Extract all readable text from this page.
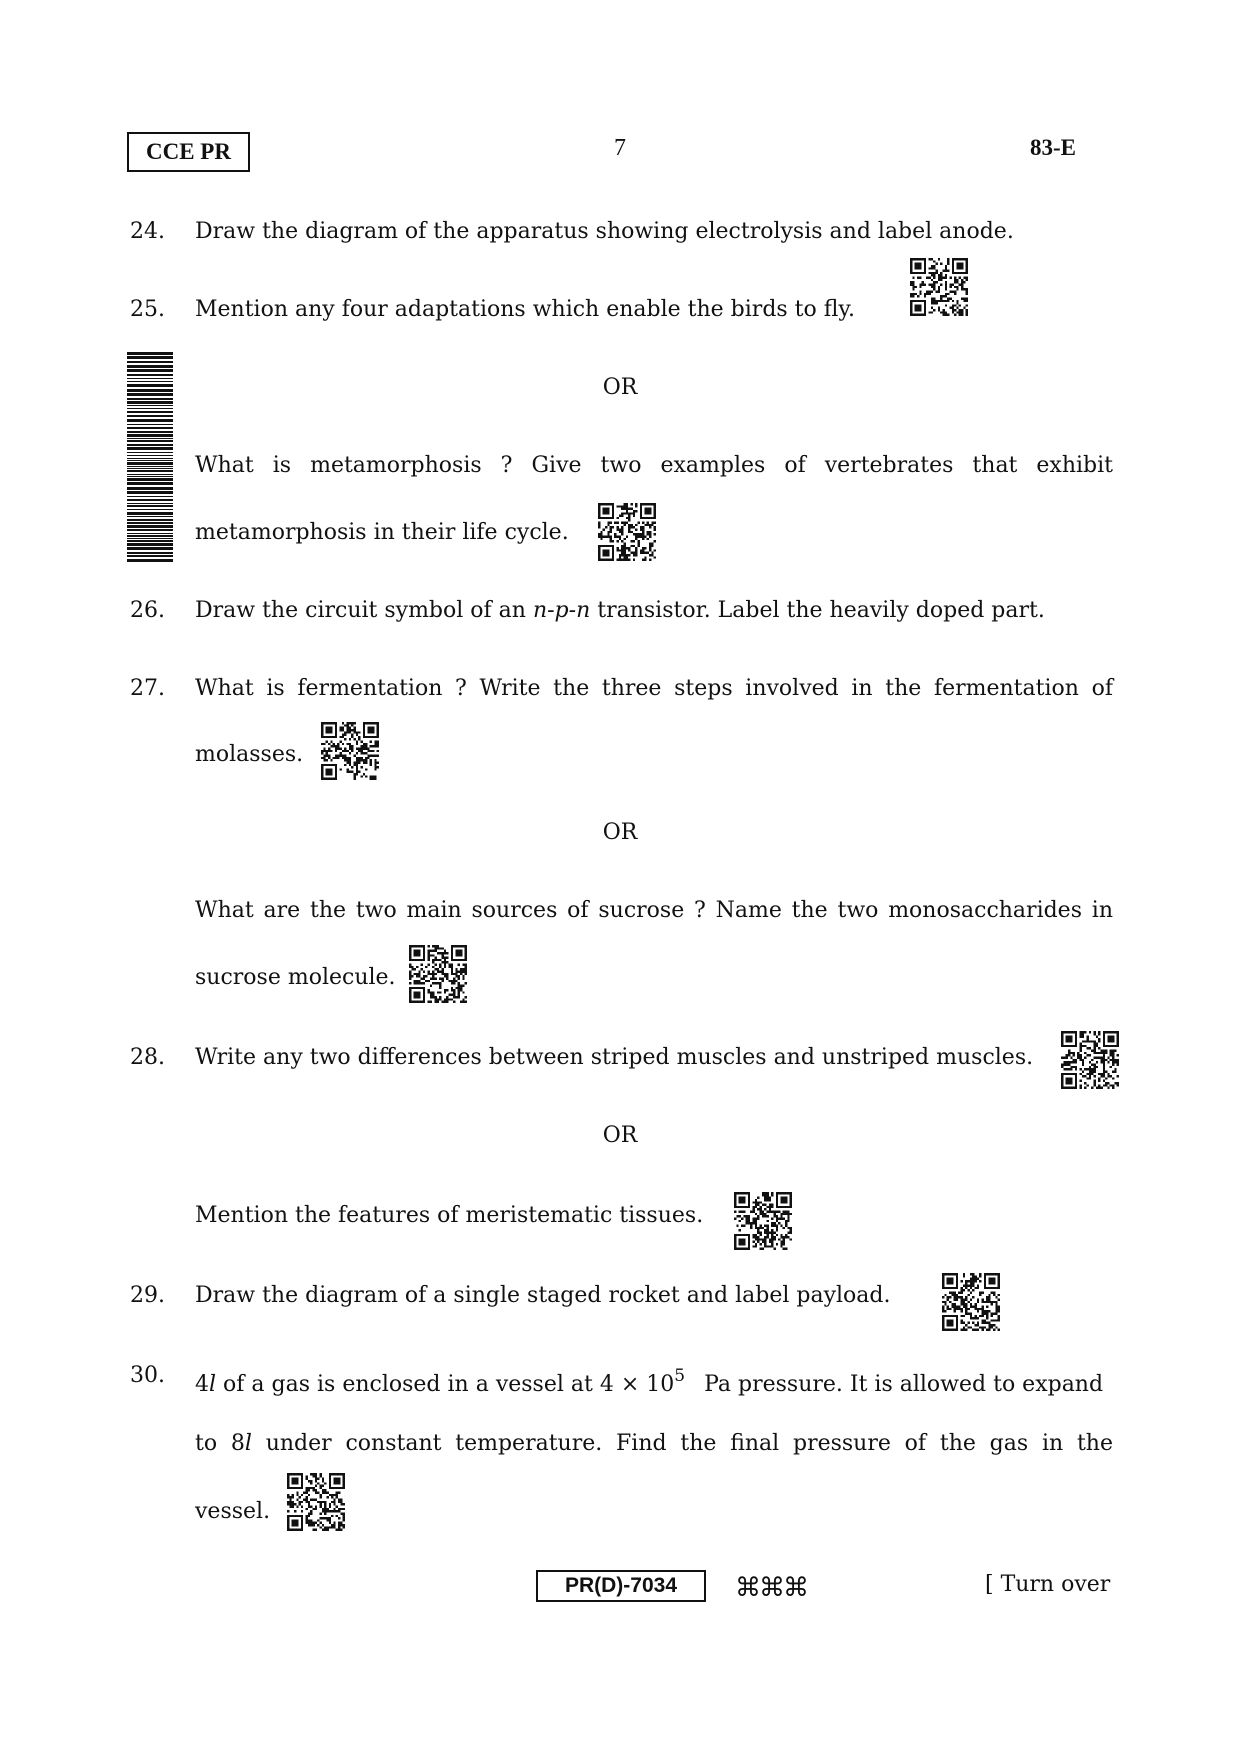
CCE PR	7	83-E
24. Draw the diagram of the apparatus showing electrolysis and label anode.
25. Mention any four adaptations which enable the birds to fly.
OR
What is metamorphosis ? Give two examples of vertebrates that exhibit
metamorphosis in their life cycle.
26. Draw the circuit symbol of an n-p-n transistor. Label the heavily doped part.
27. What is fermentation ? Write the three steps involved in the fermentation of
molasses.
OR
What are the two main sources of sucrose ? Name the two monosaccharides in
sucrose molecule.
28. Write any two differences between striped muscles and unstriped muscles.
OR
Mention the features of meristematic tissues.
29. Draw the diagram of a single staged rocket and label payload.
30. 4l of a gas is enclosed in a vessel at $4 \times 10^5$ Pa pressure. It is allowed to expand
to 8l under constant temperature. Find the final pressure of the gas in the
vessel.
PR(D)-7034 ⌘⌘⌘	[ Turn over
